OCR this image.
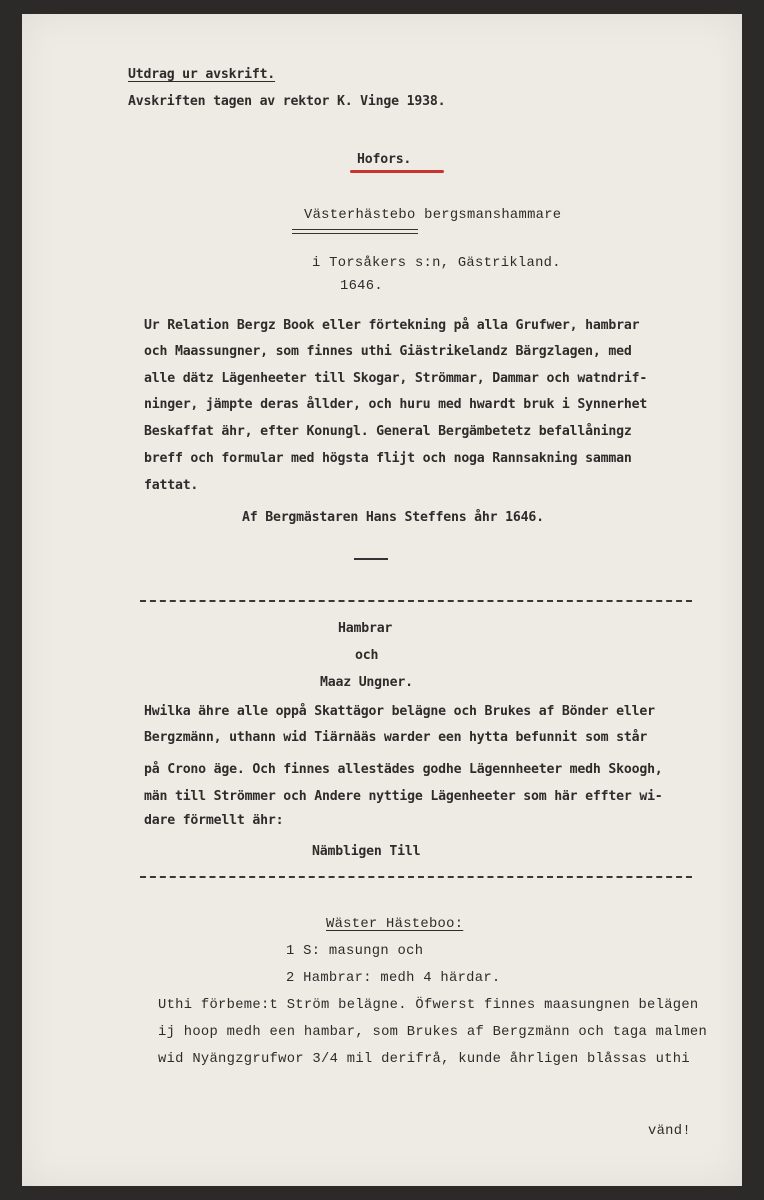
Utdrag ur avskrift.
Avskriften tagen av rektor K. Vinge 1938.
Hofors.
Västerhästebo bergsmanshammare
i Torsåkers s:n, Gästrikland.
1646.
Ur Relation Bergz Book eller förtekning på alla Grufwer, hambrar
och Maassungner, som finnes uthi Giästrikelandz Bärgzlagen, med
alle dätz Lägenheeter till Skogar, Strömmar, Dammar och watndrif-
ninger, jämpte deras ållder, och huru med hwardt bruk i Synnerhet
Beskaffat ähr, efter Konungl. General Bergämbetetz befallåningz
breff och formular med högsta flijt och noga Rannsakning samman
fattat.
Af Bergmästaren Hans Steffens åhr 1646.
Hambrar
och
Maaz Ungner.
Hwilka ähre alle oppå Skattägor belägne och Brukes af Bönder eller
Bergzmänn, uthann wid Tiärnääs warder een hytta befunnit som står
på Crono äge. Och finnes allestädes godhe Lägennheeter medh Skoogh,
män till Strömmer och Andere nyttige Lägenheeter som här effter wi-
dare förmellt ähr:
Nämbligen Till
Wäster Hästeboo:
1 S: masungn och
2 Hambrar: medh 4 härdar.
Uthi förbeme:t Ström belägne. Öfwerst finnes maasungnen belägen
ij hoop medh een hambar, som Brukes af Bergzmänn och taga malmen
wid Nyängzgrufwor 3/4 mil derifrå, kunde åhrligen blåssas uthi
vänd!
